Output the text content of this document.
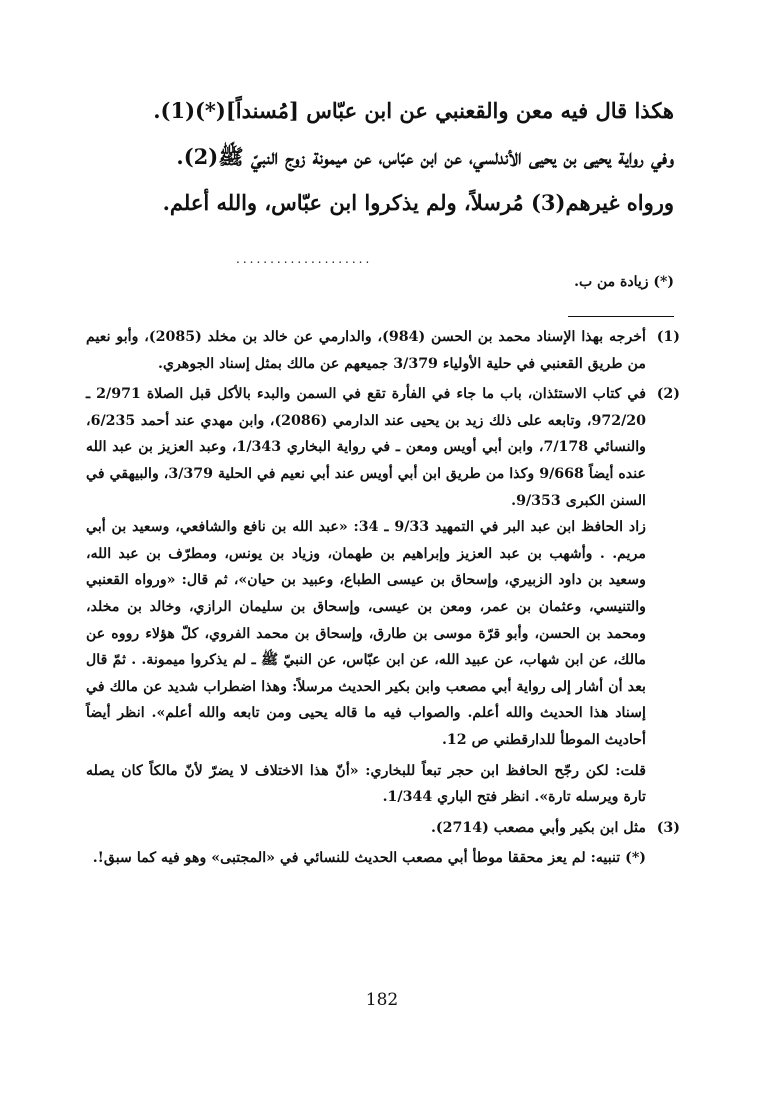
هكذا قال فيه معن والقعنبي عن ابن عبّاس [مُسنداً](*)(1).

وفي رواية يحيى بن يحيى الأندلسي، عن ابن عبّاس، عن ميمونة زوج النبيّ ﷺ(2).

ورواه غيرهم(3) مُرسلاً، ولم يذكروا ابن عبّاس، والله أعلم.

....................
(*) زيادة من ب.
(1)

أخرجه بهذا الإسناد محمد بن الحسن (984)، والدارمي عن خالد بن مخلد (2085)، وأبو نعيم من طريق القعنبي في حلية الأولياء 3/379 جميعهم عن مالك بمثل إسناد الجوهري.

(2)

في كتاب الاستئذان، باب ما جاء في الفأرة تقع في السمن والبدء بالأكل قبل الصلاة 2/971 ـ 972/20، وتابعه على ذلك زيد بن يحيى عند الدارمي (2086)، وابن مهدي عند أحمد 6/235، والنسائي 7/178، وابن أبي أويس ومعن ـ في رواية البخاري 1/343، وعبد العزيز بن عبد الله عنده أيضاً 9/668 وكذا من طريق ابن أبي أويس عند أبي نعيم في الحلية 3/379، والبيهقي في السنن الكبرى 9/353.

زاد الحافظ ابن عبد البر في التمهيد 9/33 ـ 34: «عبد الله بن نافع والشافعي، وسعيد بن أبي مريم. . وأشهب بن عبد العزيز وإبراهيم بن طهمان، وزياد بن يونس، ومطرّف بن عبد الله، وسعيد بن داود الزبيري، وإسحاق بن عيسى الطباع، وعبيد بن حيان»، ثم قال: «ورواه القعنبي والتنيسي، وعثمان بن عمر، ومعن بن عيسى، وإسحاق بن سليمان الرازي، وخالد بن مخلد، ومحمد بن الحسن، وأبو قرّة موسى بن طارق، وإسحاق بن محمد الفروي، كلّ هؤلاء رووه عن مالك، عن ابن شهاب، عن عبيد الله، عن ابن عبّاس، عن النبيّ ﷺ ـ لم يذكروا ميمونة. . ثمّ قال بعد أن أشار إلى رواية أبي مصعب وابن بكير الحديث مرسلاً: وهذا اضطراب شديد عن مالك في إسناد هذا الحديث والله أعلم. والصواب فيه ما قاله يحيى ومن تابعه والله أعلم». انظر أيضاً أحاديث الموطأ للدارقطني ص 12.

قلت: لكن رجّح الحافظ ابن حجر تبعاً للبخاري: «أنّ هذا الاختلاف لا يضرّ لأنّ مالكاً كان يصله تارة ويرسله تارة». انظر فتح الباري 1/344.

(3)

مثل ابن بكير وأبي مصعب (2714).

(*) تنبيه: لم يعز محققا موطأ أبي مصعب الحديث للنسائي في «المجتبى» وهو فيه كما سبق!.

182
